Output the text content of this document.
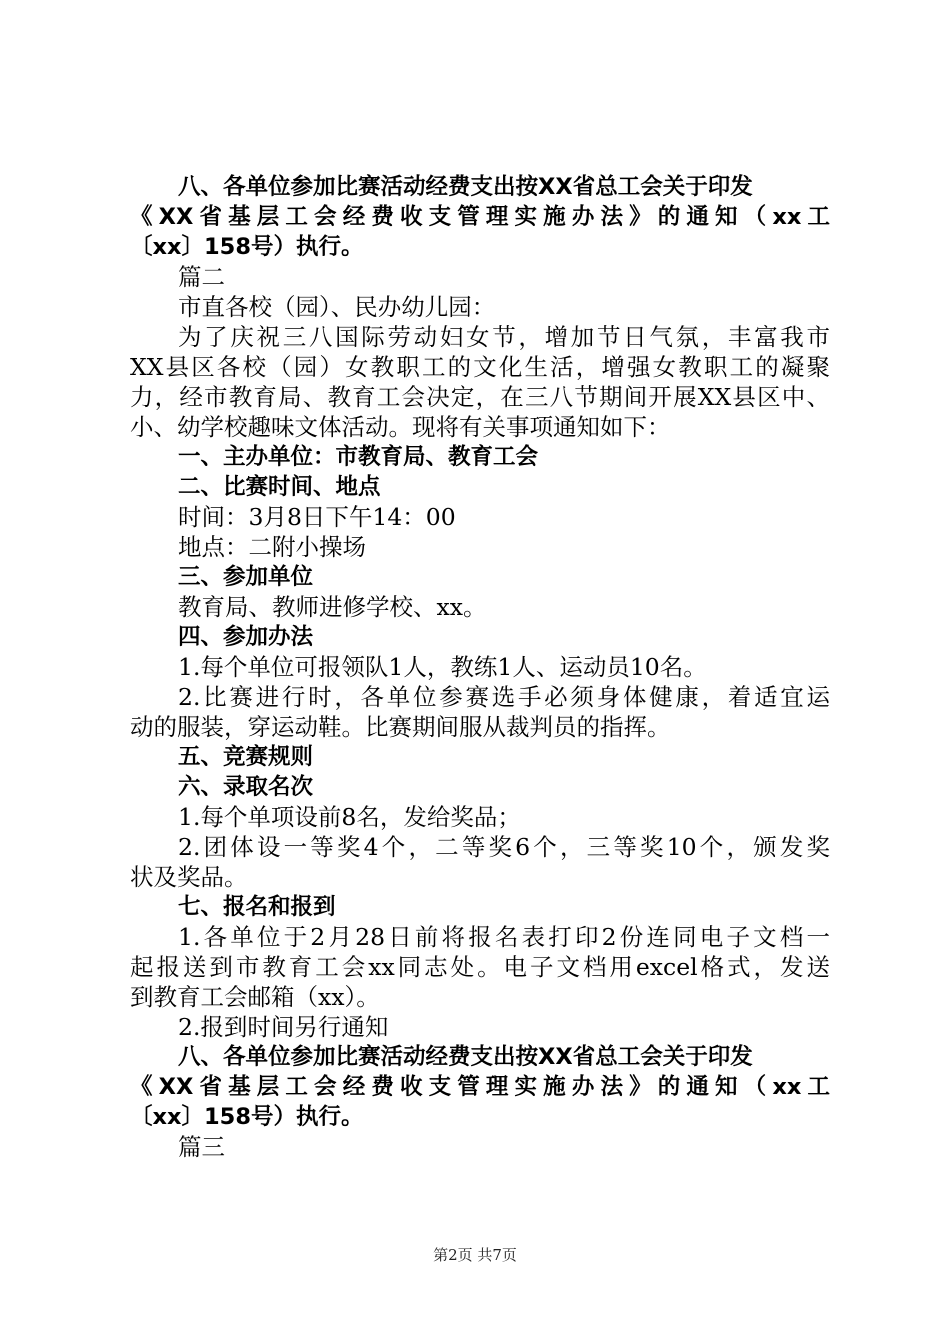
八、各单位参加比赛活动经费支出按XX省总工会关于印发
《XX省基层工会经费收支管理实施办法》的通知（xx工
〔xx〕158号）执行。
篇二
市直各校（园）、民办幼儿园：
为了庆祝三八国际劳动妇女节，增加节日气氛，丰富我市
XX县区各校（园）女教职工的文化生活，增强女教职工的凝聚
力，经市教育局、教育工会决定，在三八节期间开展XX县区中、
小、幼学校趣味文体活动。现将有关事项通知如下：
一、主办单位：市教育局、教育工会
二、比赛时间、地点
时间：3月8日下午14：00
地点：二附小操场
三、参加单位
教育局、教师进修学校、xx。
四、参加办法
1.每个单位可报领队1人，教练1人、运动员10名。
2.比赛进行时，各单位参赛选手必须身体健康，着适宜运
动的服装，穿运动鞋。比赛期间服从裁判员的指挥。
五、竞赛规则
六、录取名次
1.每个单项设前8名，发给奖品；
2.团体设一等奖4个，二等奖6个，三等奖10个，颁发奖
状及奖品。
七、报名和报到
1.各单位于2月28日前将报名表打印2份连同电子文档一
起报送到市教育工会xx同志处。电子文档用excel格式，发送
到教育工会邮箱（xx）。
2.报到时间另行通知
八、各单位参加比赛活动经费支出按XX省总工会关于印发
《XX省基层工会经费收支管理实施办法》的通知（xx工
〔xx〕158号）执行。
篇三
第2页 共7页
